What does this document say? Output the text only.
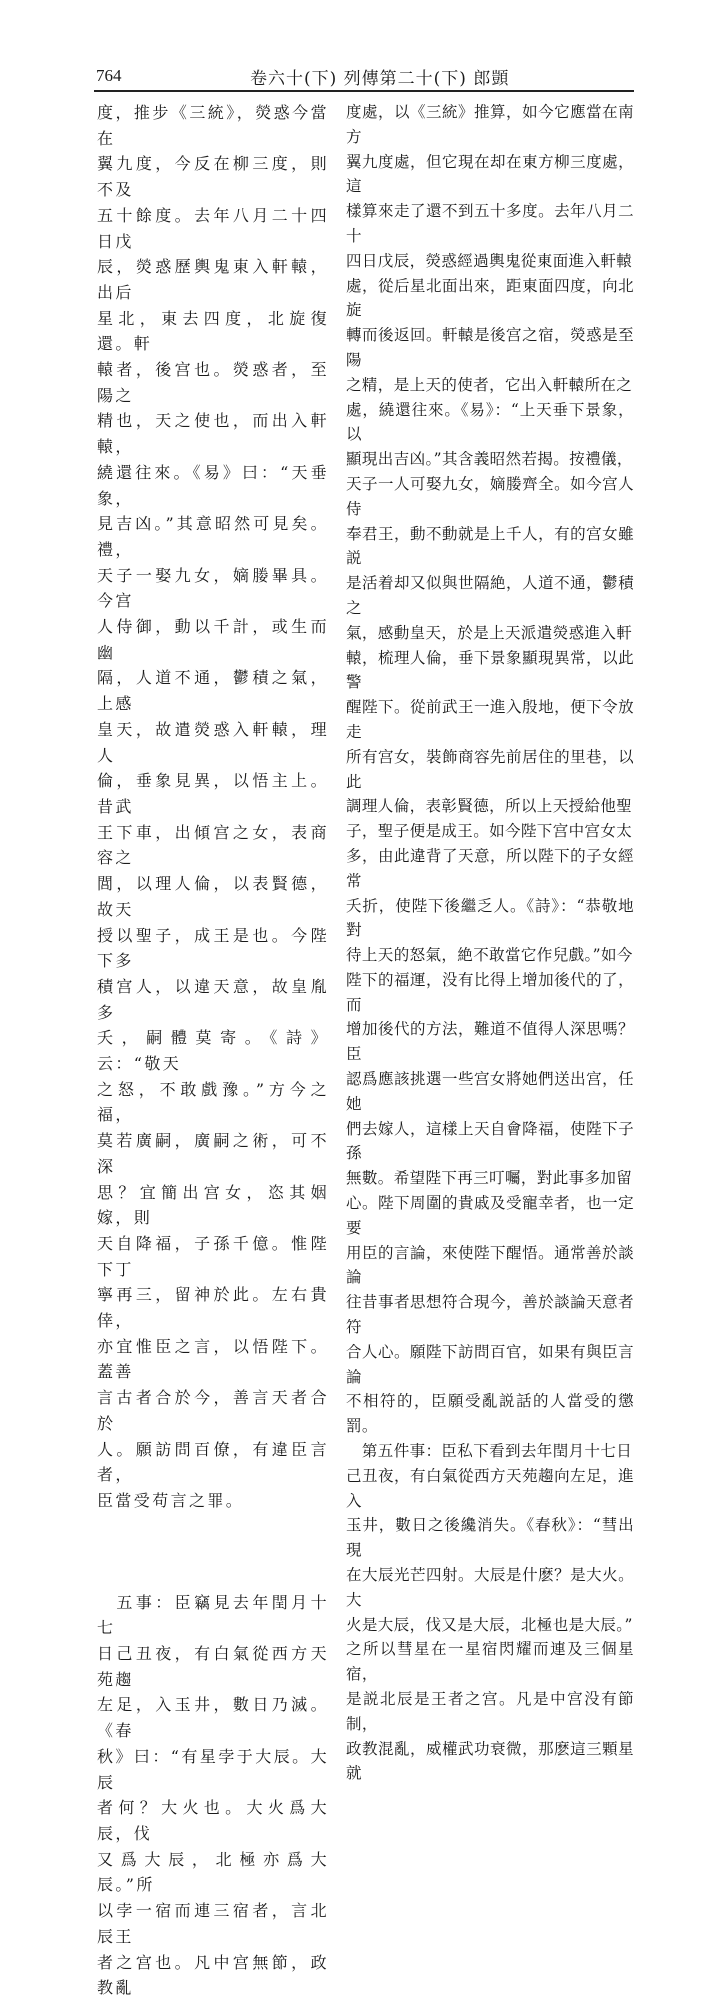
764	卷六十(下) 列傳第二十(下) 郎顗

度，推步《三統》，熒惑今當在
翼九度，今反在柳三度，則不及
五十餘度。去年八月二十四日戊
辰，熒惑歷輿鬼東入軒轅，出后
星北，東去四度，北旋復還。軒
轅者，後宫也。熒惑者，至陽之
精也，天之使也，而出入軒轅，
繞還往來。《易》曰：“天垂象，
見吉凶。”其意昭然可見矣。禮，
天子一娶九女，嫡媵畢具。今宫
人侍御，動以千計，或生而幽
隔，人道不通，鬱積之氣，上感
皇天，故遣熒惑入軒轅，理人
倫，垂象見異，以悟主上。昔武
王下車，出傾宫之女，表商容之
閭，以理人倫，以表賢德，故天
授以聖子，成王是也。今陛下多
積宫人，以違天意，故皇胤多
夭，嗣體莫寄。《詩》云：“敬天
之怒，不敢戲豫。”方今之福，
莫若廣嗣，廣嗣之術，可不深
思？宜簡出宫女，恣其姻嫁，則
天自降福，子孫千億。惟陛下丁
寧再三，留神於此。左右貴倖，
亦宜惟臣之言，以悟陛下。蓋善
言古者合於今，善言天者合於
人。願訪問百僚，有違臣言者，
臣當受苟言之罪。

　五事：臣竊見去年閏月十七
日己丑夜，有白氣從西方天苑趨
左足，入玉井，數日乃滅。《春
秋》曰：“有星孛于大辰。大辰
者何？大火也。大火爲大辰，伐
又爲大辰，北極亦爲大辰。”所
以孛一宿而連三宿者，言北辰王
者之宫也。凡中宫無節，政教亂

度處，以《三統》推算，如今它應當在南方
翼九度處，但它現在却在東方柳三度處，這
樣算來走了還不到五十多度。去年八月二十
四日戊辰，熒惑經過輿鬼從東面進入軒轅
處，從后星北面出來，距東面四度，向北旋
轉而後返回。軒轅是後宫之宿，熒惑是至陽
之精，是上天的使者，它出入軒轅所在之
處，繞還往來。《易》：“上天垂下景象，以
顯現出吉凶。”其含義昭然若揭。按禮儀，
天子一人可娶九女，嫡媵齊全。如今宫人侍
奉君王，動不動就是上千人，有的宫女雖説
是活着却又似與世隔絶，人道不通，鬱積之
氣，感動皇天，於是上天派遣熒惑進入軒
轅，梳理人倫，垂下景象顯現異常，以此警
醒陛下。從前武王一進入殷地，便下令放走
所有宫女，裝飾商容先前居住的里巷，以此
調理人倫，表彰賢德，所以上天授給他聖
子，聖子便是成王。如今陛下宫中宫女太
多，由此違背了天意，所以陛下的子女經常
夭折，使陛下後繼乏人。《詩》：“恭敬地對
待上天的怒氣，絶不敢當它作兒戲。”如今
陛下的福運，没有比得上增加後代的了，而
增加後代的方法，難道不值得人深思嗎？臣
認爲應該挑選一些宫女將她們送出宫，任她
們去嫁人，這樣上天自會降福，使陛下子孫
無數。希望陛下再三叮囑，對此事多加留
心。陛下周圍的貴戚及受寵幸者，也一定要
用臣的言論，來使陛下醒悟。通常善於談論
往昔事者思想符合現今，善於談論天意者符
合人心。願陛下訪問百官，如果有與臣言論
不相符的，臣願受亂説話的人當受的懲罰。

　第五件事：臣私下看到去年閏月十七日
己丑夜，有白氣從西方天苑趨向左足，進入
玉井，數日之後纔消失。《春秋》：“彗出現
在大辰光芒四射。大辰是什麽？是大火。大
火是大辰，伐又是大辰，北極也是大辰。”
之所以彗星在一星宿閃耀而連及三個星宿，
是説北辰是王者之宫。凡是中宫没有節制，
政教混亂，威權武功衰微，那麽這三顆星就
